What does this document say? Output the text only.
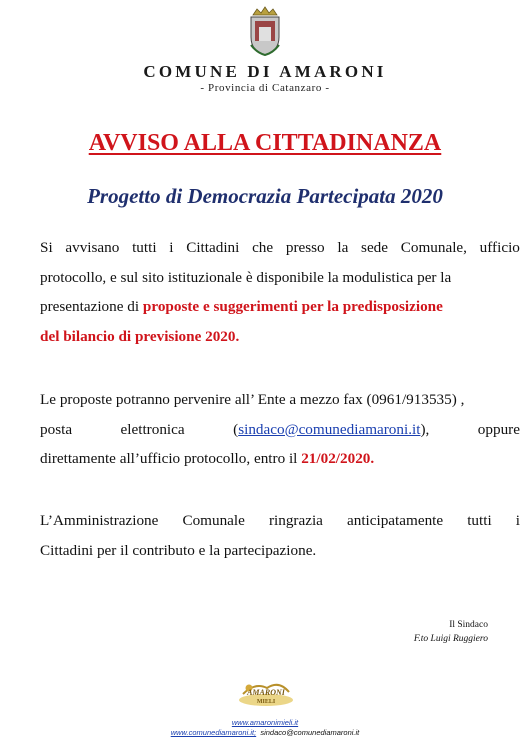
COMUNE DI AMARONI
- Provincia di Catanzaro -
AVVISO ALLA CITTADINANZA
Progetto di Democrazia Partecipata 2020
Si avvisano tutti i Cittadini che presso la sede Comunale, ufficio
protocollo, e sul sito istituzionale è disponibile la modulistica per la
presentazione di proposte e suggerimenti per la predisposizione
del bilancio di previsione 2020.
Le proposte potranno pervenire all’ Ente a mezzo fax (0961/913535) ,
posta	elettronica	(sindaco@comunediamaroni.it),	oppure
direttamente all’ufficio protocollo, entro il 21/02/2020.
L’Amministrazione Comunale ringrazia anticipatamente tutti i
Cittadini per il contributo e la partecipazione.
Il Sindaco
F.to Luigi Ruggiero
AMARONI
MIELI
www.amaronimieli.it
www.comunediamaroni.it; sindaco@comunediamaroni.it
